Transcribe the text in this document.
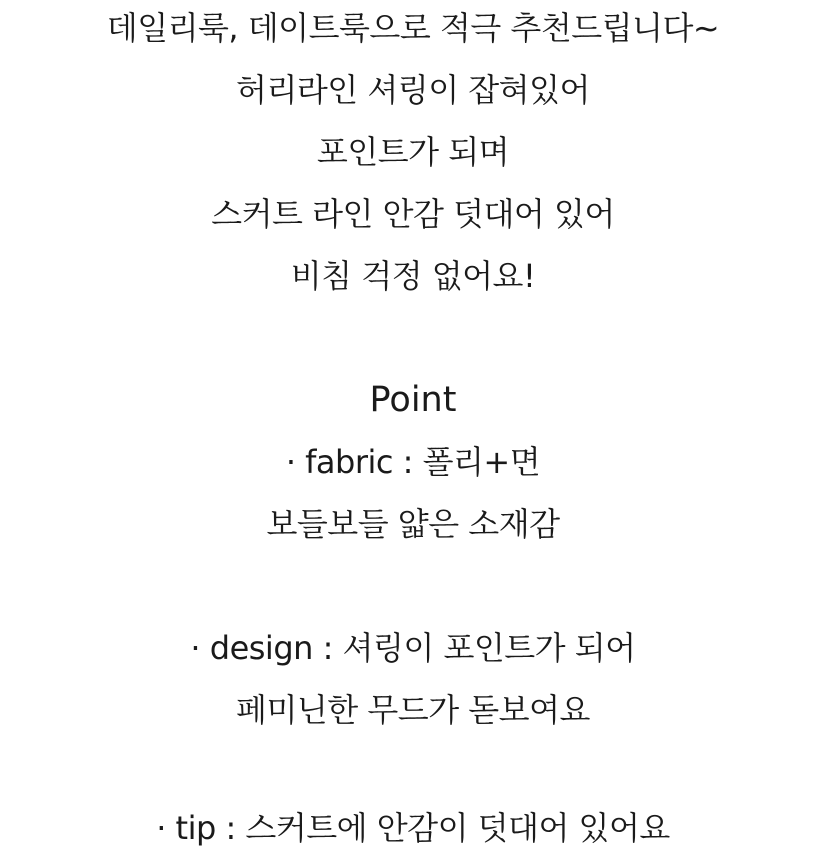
데일리룩, 데이트룩으로 적극 추천드립니다~
허리라인 셔링이 잡혀있어
포인트가 되며
스커트 라인 안감 덧대어 있어
비침 걱정 없어요!
Point
· fabric : 폴리+면
보들보들 얇은 소재감
· design : 셔링이 포인트가 되어
페미닌한 무드가 돋보여요
· tip : 스커트에 안감이 덧대어 있어요
